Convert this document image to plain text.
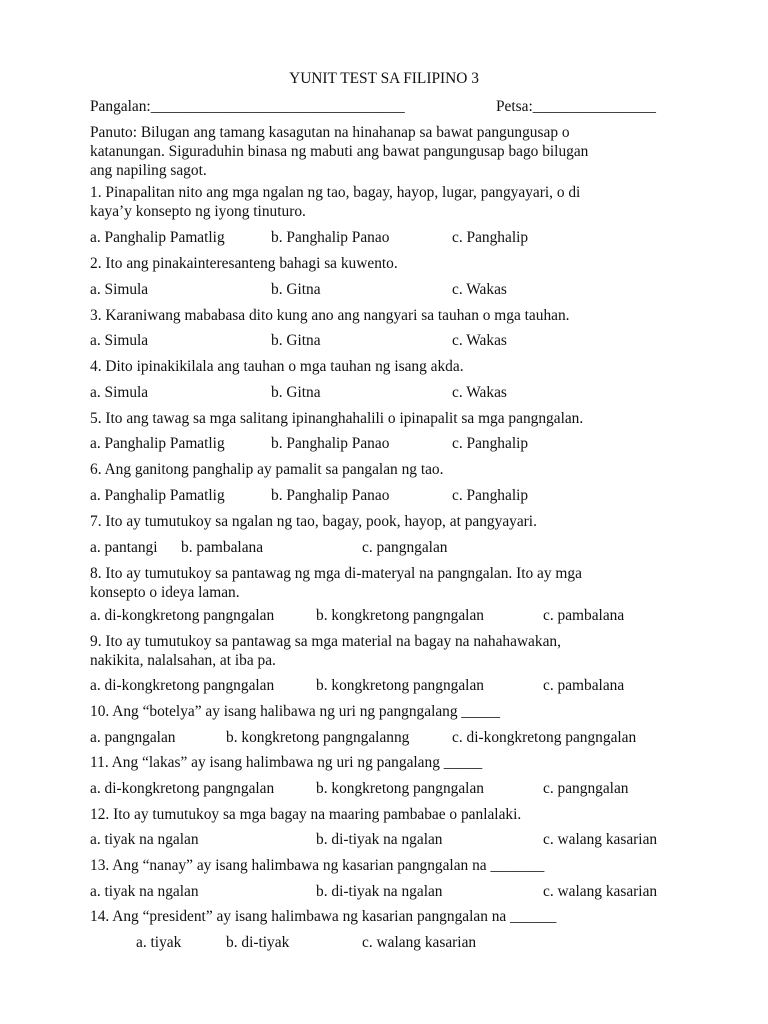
YUNIT TEST SA FILIPINO 3
Pangalan:_________________________________	Petsa:________________
Panuto: Bilugan ang tamang kasagutan na hinahanap sa bawat pangungusap o
katanungan. Siguraduhin binasa ng mabuti ang bawat pangungusap bago bilugan
ang napiling sagot.
1. Pinapalitan nito ang mga ngalan ng tao, bagay, hayop, lugar, pangyayari, o di
kaya’y konsepto ng iyong tinuturo.
a. Panghalip Pamatlig	b. Panghalip Panao	c. Panghalip
2. Ito ang pinakainteresanteng bahagi sa kuwento.
a. Simula	b. Gitna	c. Wakas
3. Karaniwang mababasa dito kung ano ang nangyari sa tauhan o mga tauhan.
a. Simula	b. Gitna	c. Wakas
4. Dito ipinakikilala ang tauhan o mga tauhan ng isang akda.
a. Simula	b. Gitna	c. Wakas
5. Ito ang tawag sa mga salitang ipinanghahalili o ipinapalit sa mga pangngalan.
a. Panghalip Pamatlig	b. Panghalip Panao	c. Panghalip
6. Ang ganitong panghalip ay pamalit sa pangalan ng tao.
a. Panghalip Pamatlig	b. Panghalip Panao	c. Panghalip
7. Ito ay tumutukoy sa ngalan ng tao, bagay, pook, hayop, at pangyayari.
a. pantangi b. pambalana	c. pangngalan
8. Ito ay tumutukoy sa pantawag ng mga di-materyal na pangngalan. Ito ay mga
konsepto o ideya laman.
a. di-kongkretong pangngalan	b. kongkretong pangngalan	c. pambalana
9. Ito ay tumutukoy sa pantawag sa mga material na bagay na nahahawakan,
nakikita, nalalsahan, at iba pa.
a. di-kongkretong pangngalan	b. kongkretong pangngalan	c. pambalana
10. Ang “botelya” ay isang halibawa ng uri ng pangngalang _____
a. pangngalan	b. kongkretong pangngalanng	c. di-kongkretong pangngalan
11. Ang “lakas” ay isang halimbawa ng uri ng pangalang _____
a. di-kongkretong pangngalan	b. kongkretong pangngalan	c. pangngalan
12. Ito ay tumutukoy sa mga bagay na maaring pambabae o panlalaki.
a. tiyak na ngalan	b. di-tiyak na ngalan	c. walang kasarian
13. Ang “nanay” ay isang halimbawa ng kasarian pangngalan na _______
a. tiyak na ngalan	b. di-tiyak na ngalan	c. walang kasarian
14. Ang “president” ay isang halimbawa ng kasarian pangngalan na ______
a. tiyak	b. di-tiyak	c. walang kasarian
